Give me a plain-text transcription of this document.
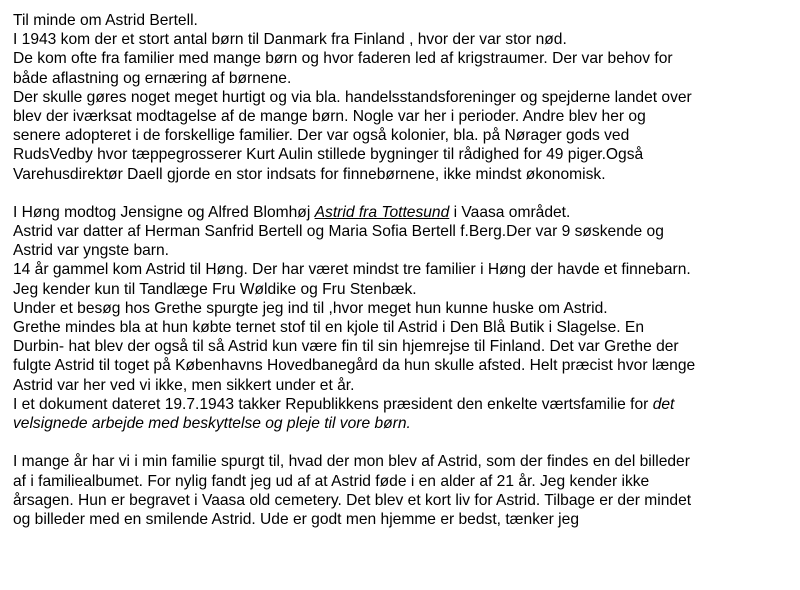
Til minde om Astrid Bertell.
I 1943 kom der et stort antal børn til Danmark fra Finland , hvor der var stor nød.
De kom ofte fra familier med mange børn og hvor faderen led af krigstraumer. Der var behov for
både aflastning og ernæring af børnene.
Der skulle gøres noget meget hurtigt og via bla. handelsstandsforeninger og spejderne landet over
blev der iværksat modtagelse af de mange børn. Nogle var her i perioder. Andre blev her og
senere adopteret i de forskellige familier. Der var også kolonier, bla. på Nørager gods ved
RudsVedby hvor tæppegrosserer Kurt Aulin stillede bygninger til rådighed for 49 piger.Også
Varehusdirektør Daell gjorde en stor indsats for finnebørnene, ikke mindst økonomisk.
I Høng modtog Jensigne og Alfred Blomhøj Astrid fra Tottesund i Vaasa området.
Astrid var datter af Herman Sanfrid Bertell og Maria Sofia Bertell f.Berg.Der var 9 søskende og
Astrid var yngste barn.
14 år gammel kom Astrid til Høng. Der har været mindst tre familier i Høng der havde et finnebarn.
Jeg kender kun til Tandlæge Fru Wøldike og Fru Stenbæk.
Under et besøg hos Grethe spurgte jeg ind til ,hvor meget hun kunne huske om Astrid.
Grethe mindes bla at hun købte ternet stof til en kjole til Astrid i Den Blå Butik i Slagelse. En
Durbin- hat blev der også til så Astrid kun være fin til sin hjemrejse til Finland. Det var Grethe der
fulgte Astrid til toget på Københavns Hovedbanegård da hun skulle afsted. Helt præcist hvor længe
Astrid var her ved vi ikke, men sikkert under et år.
I et dokument dateret 19.7.1943 takker Republikkens præsident den enkelte værtsfamilie for det
velsignede arbejde med beskyttelse og pleje til vore børn.
I mange år har vi i min familie spurgt til, hvad der mon blev af Astrid, som der findes en del billeder
af i familiealbumet. For nylig fandt jeg ud af at Astrid føde i en alder af 21 år. Jeg kender ikke
årsagen. Hun er begravet i Vaasa old cemetery. Det blev et kort liv for Astrid. Tilbage er der mindet
og billeder med en smilende Astrid. Ude er godt men hjemme er bedst, tænker jeg
